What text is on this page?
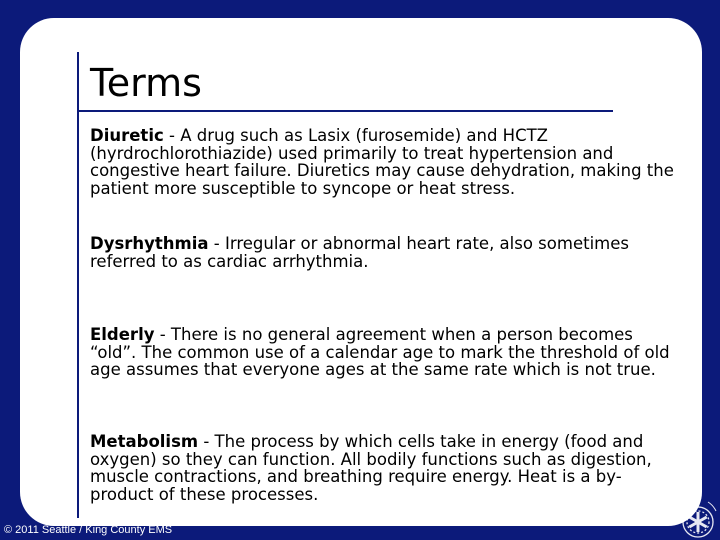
Terms
Diuretic - A drug such as Lasix (furosemide) and HCTZ (hyrdrochlorothiazide) used primarily to treat hypertension and congestive heart failure. Diuretics may cause dehydration, making the patient more susceptible to syncope or heat stress.
Dysrhythmia - Irregular or abnormal heart rate, also sometimes referred to as cardiac arrhythmia.
Elderly - There is no general agreement when a person becomes “old”. The common use of a calendar age to mark the threshold of old age assumes that everyone ages at the same rate which is not true.
Metabolism - The process by which cells take in energy (food and oxygen) so they can function. All bodily functions such as digestion, muscle contractions, and breathing require energy. Heat is a by-product of these processes.
© 2011 Seattle / King County EMS
